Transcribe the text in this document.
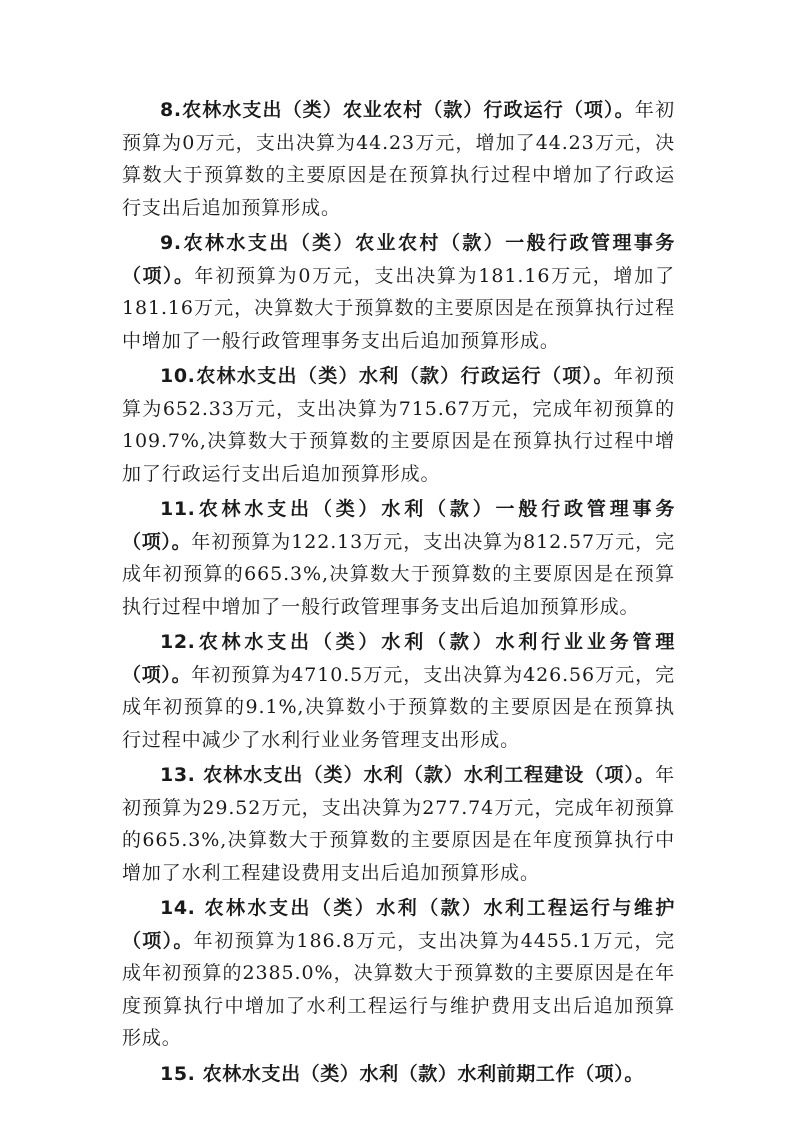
8.农林水支出（类）农业农村（款）行政运行（项）。年初预算为0万元，支出决算为44.23万元，增加了44.23万元，决算数大于预算数的主要原因是在预算执行过程中增加了行政运行支出后追加预算形成。

9.农林水支出（类）农业农村（款）一般行政管理事务（项）。年初预算为0万元，支出决算为181.16万元，增加了181.16万元，决算数大于预算数的主要原因是在预算执行过程中增加了一般行政管理事务支出后追加预算形成。

10.农林水支出（类）水利（款）行政运行（项）。年初预算为652.33万元，支出决算为715.67万元，完成年初预算的109.7%,决算数大于预算数的主要原因是在预算执行过程中增加了行政运行支出后追加预算形成。

11.农林水支出（类）水利（款）一般行政管理事务（项）。年初预算为122.13万元，支出决算为812.57万元，完成年初预算的665.3%,决算数大于预算数的主要原因是在预算执行过程中增加了一般行政管理事务支出后追加预算形成。

12.农林水支出（类）水利（款）水利行业业务管理（项）。年初预算为4710.5万元，支出决算为426.56万元，完成年初预算的9.1%,决算数小于预算数的主要原因是在预算执行过程中减少了水利行业业务管理支出形成。

13. 农林水支出（类）水利（款）水利工程建设（项）。年初预算为29.52万元，支出决算为277.74万元，完成年初预算的665.3%,决算数大于预算数的主要原因是在年度预算执行中增加了水利工程建设费用支出后追加预算形成。

14. 农林水支出（类）水利（款）水利工程运行与维护（项）。年初预算为186.8万元，支出决算为4455.1万元，完成年初预算的2385.0%，决算数大于预算数的主要原因是在年度预算执行中增加了水利工程运行与维护费用支出后追加预算形成。

15. 农林水支出（类）水利（款）水利前期工作（项）。
